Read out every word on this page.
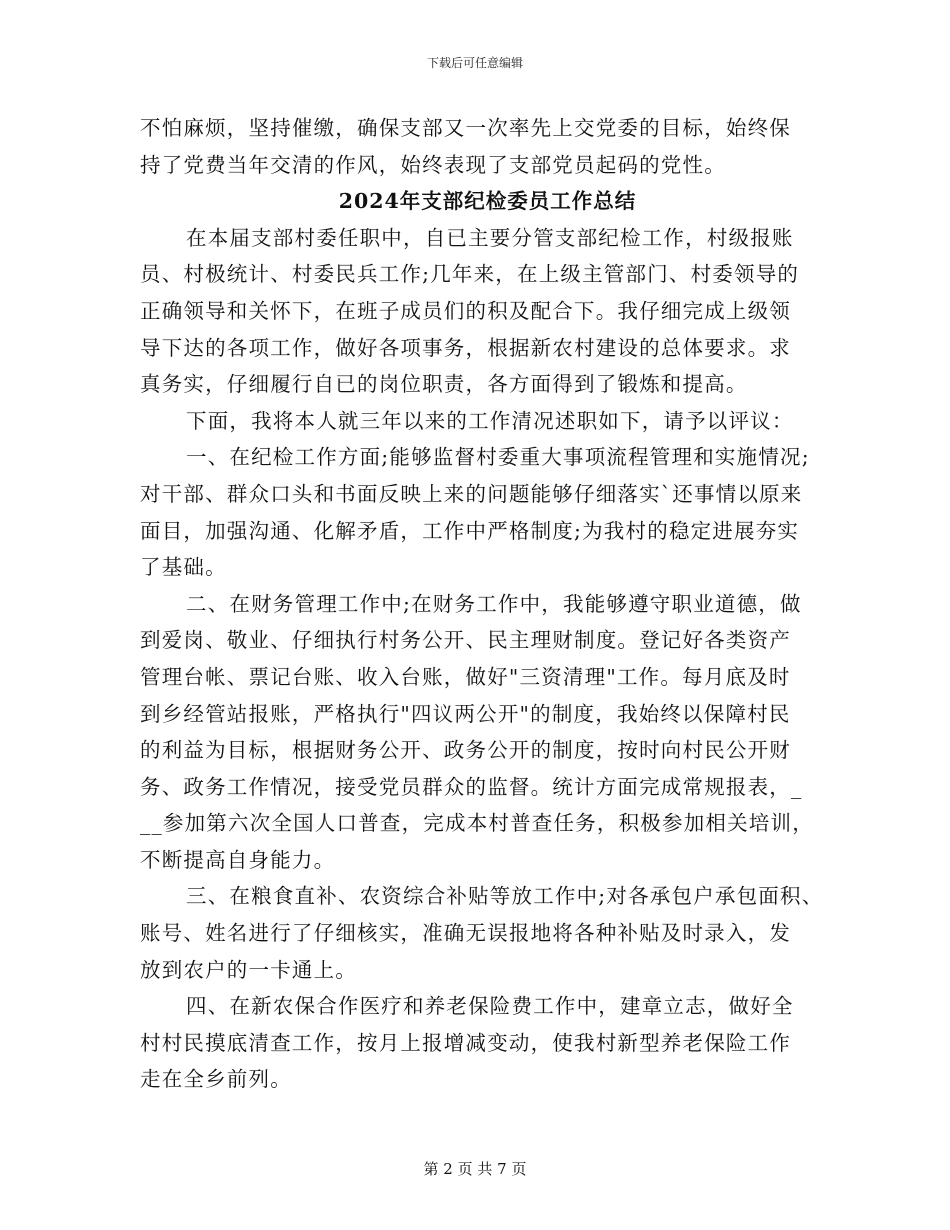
下载后可任意编辑
不怕麻烦，坚持催缴，确保支部又一次率先上交党委的目标，始终保
持了党费当年交清的作风，始终表现了支部党员起码的党性。
2024年支部纪检委员工作总结
在本届支部村委任职中，自已主要分管支部纪检工作，村级报账
员、村极统计、村委民兵工作;几年来，在上级主管部门、村委领导的
正确领导和关怀下，在班子成员们的积及配合下。我仔细完成上级领
导下达的各项工作，做好各项事务，根据新农村建设的总体要求。求
真务实，仔细履行自已的岗位职责，各方面得到了锻炼和提高。
下面，我将本人就三年以来的工作清况述职如下，请予以评议：
一、在纪检工作方面;能够监督村委重大事项流程管理和实施情况;
对干部、群众口头和书面反映上来的问题能够仔细落实`还事情以原来
面目，加强沟通、化解矛盾，工作中严格制度;为我村的稳定进展夯实
了基础。
二、在财务管理工作中;在财务工作中，我能够遵守职业道德，做
到爱岗、敬业、仔细执行村务公开、民主理财制度。登记好各类资产
管理台帐、票记台账、收入台账，做好"三资清理"工作。每月底及时
到乡经管站报账，严格执行"四议两公开"的制度，我始终以保障村民
的利益为目标，根据财务公开、政务公开的制度，按时向村民公开财
务、政务工作情况，接受党员群众的监督。统计方面完成常规报表，_
__参加第六次全国人口普查，完成本村普查任务，积极参加相关培训，
不断提高自身能力。
三、在粮食直补、农资综合补贴等放工作中;对各承包户承包面积、
账号、姓名进行了仔细核实，准确无误报地将各种补贴及时录入，发
放到农户的一卡通上。
四、在新农保合作医疗和养老保险费工作中，建章立志，做好全
村村民摸底清查工作，按月上报增减变动，使我村新型养老保险工作
走在全乡前列。
第 2 页 共 7 页
